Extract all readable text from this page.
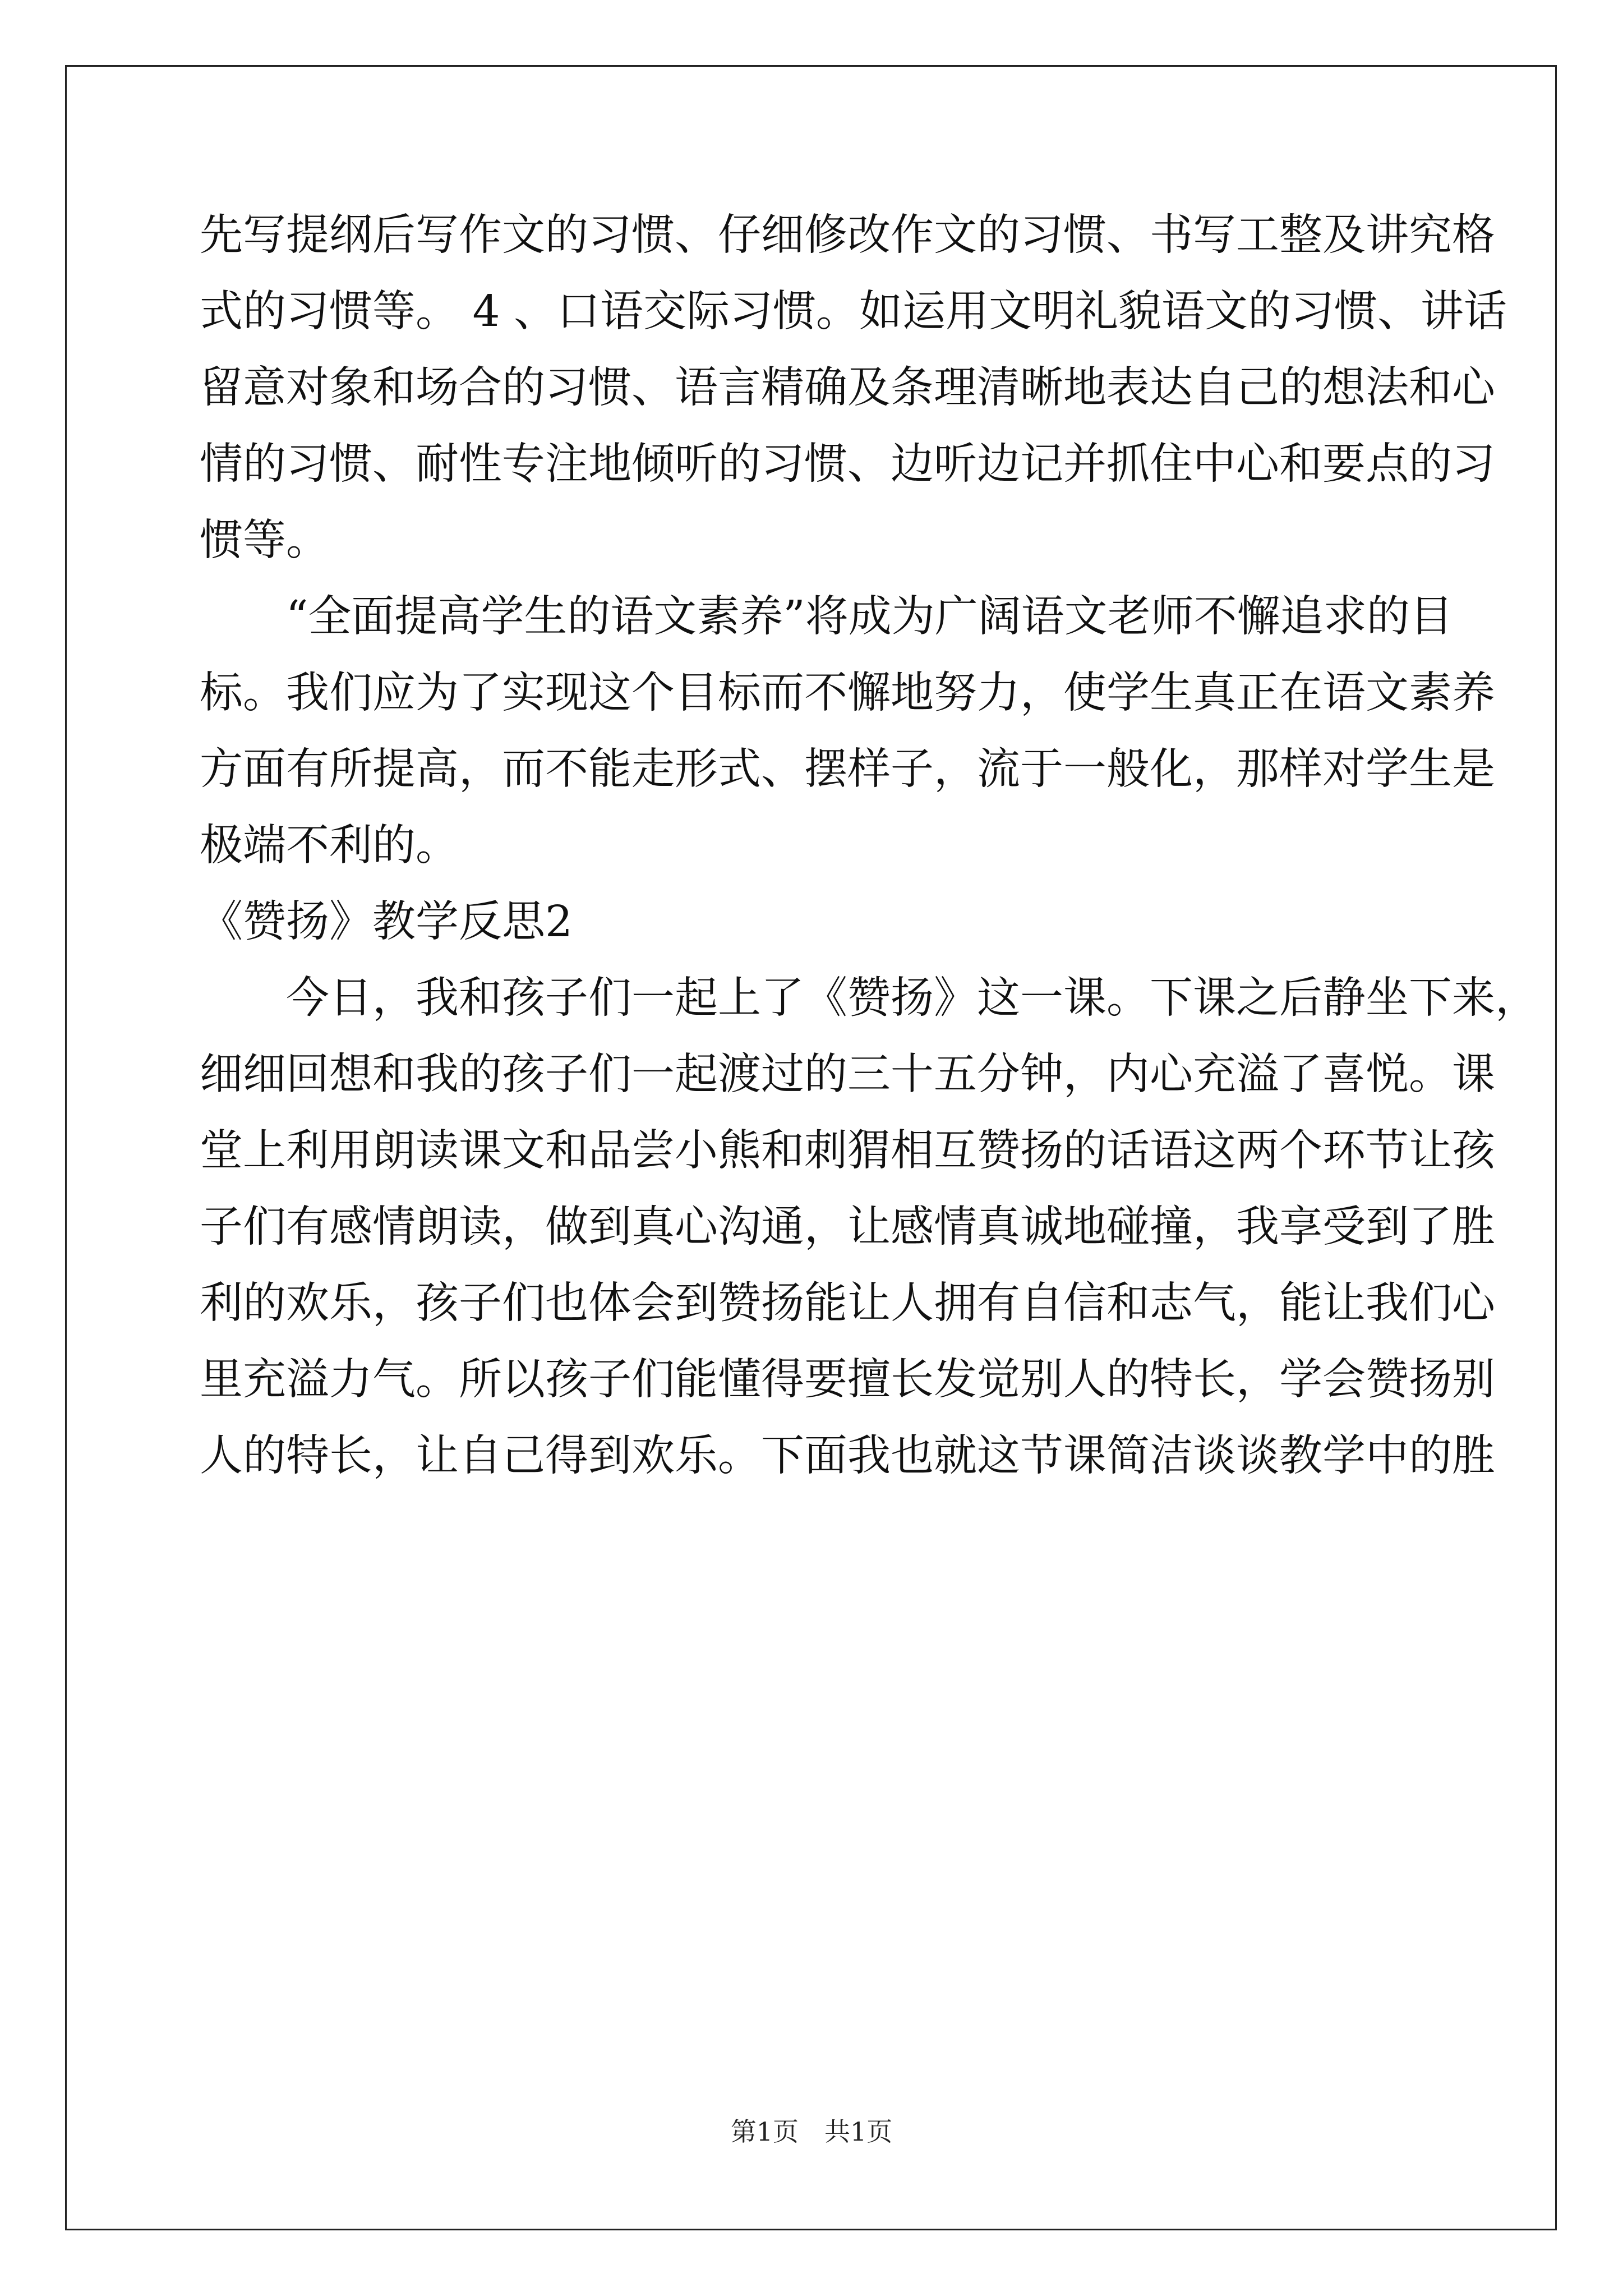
先写提纲后写作文的习惯、仔细修改作文的习惯、书写工整及讲究格
式的习惯等。 4 、口语交际习惯。如运用文明礼貌语文的习惯、讲话
留意对象和场合的习惯、语言精确及条理清晰地表达自己的想法和心
情的习惯、耐性专注地倾听的习惯、边听边记并抓住中心和要点的习
惯等。
“全面提高学生的语文素养”将成为广阔语文老师不懈追求的目
标。我们应为了实现这个目标而不懈地努力，使学生真正在语文素养
方面有所提高，而不能走形式、摆样子，流于一般化，那样对学生是
极端不利的。
《赞扬》教学反思2
今日，我和孩子们一起上了《赞扬》这一课。下课之后静坐下来，
细细回想和我的孩子们一起渡过的三十五分钟，内心充溢了喜悦。课
堂上利用朗读课文和品尝小熊和刺猬相互赞扬的话语这两个环节让孩
子们有感情朗读，做到真心沟通，让感情真诚地碰撞，我享受到了胜
利的欢乐，孩子们也体会到赞扬能让人拥有自信和志气，能让我们心
里充溢力气。所以孩子们能懂得要擅长发觉别人的特长，学会赞扬别
人的特长，让自己得到欢乐。下面我也就这节课简洁谈谈教学中的胜
第1页　共1页
